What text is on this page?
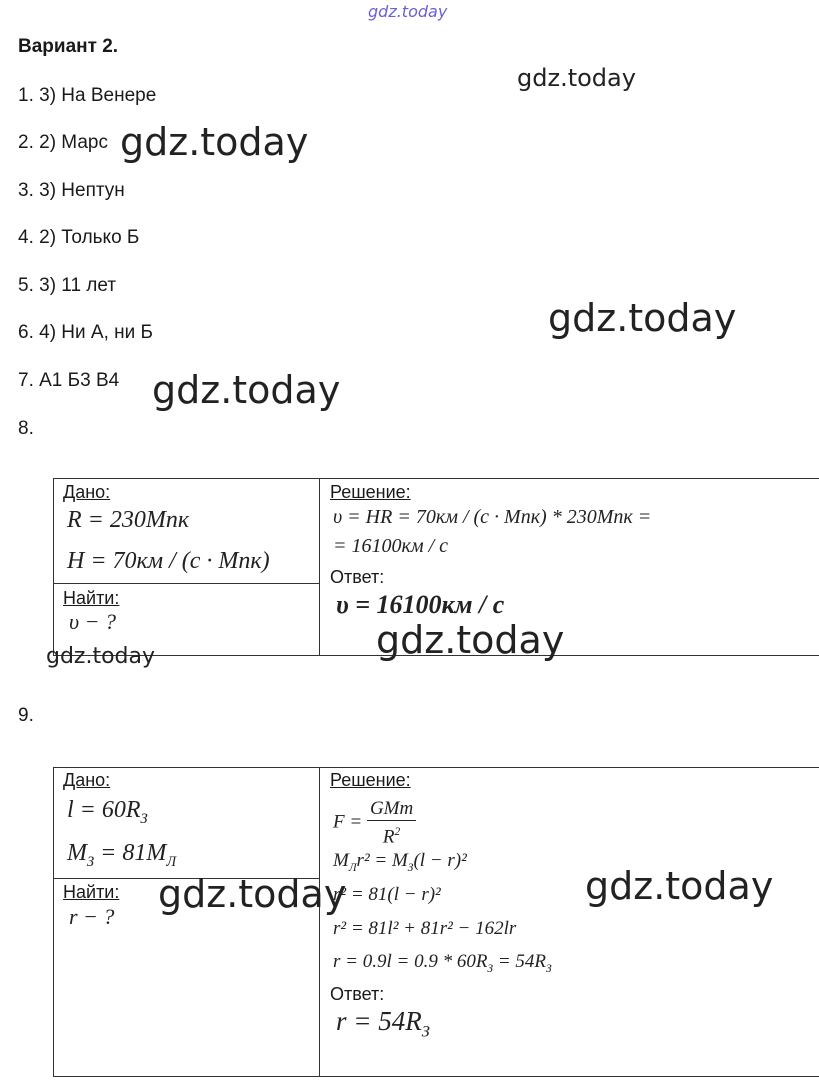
gdz.today
Вариант 2.
1. 3) На Венере
2. 2) Марс
3. 3) Нептун
4. 2) Только Б
5. 3) 11 лет
6. 4) Ни А, ни Б
7. А1 Б3 В4
8.
9.
gdz.today
gdz.today
gdz.today
gdz.today
Дано:
R = 230Mпк
H = 70км / (c · Mпк)
Найти:
υ − ?
Решение:
υ = HR = 70км / (c · Mпк) * 230Mпк =
= 16100км / c
Ответ:
υ = 16100км / c
gdz.today
gdz.today
Дано:
$l = 60R_З$
$M_З = 81M_Л$
Найти:
r − ?
Решение:
$F = \frac{\text{GMm}}{R^2}$
$M_Лr^2 = M_З(l - r)^2$
r² = 81(l − r)²
r² = 81l² + 81r² − 162lr
$r = 0.9l = 0.9 * 60R_З = 54R_З$
Ответ:
$r = 54R_З$
gdz.today	gdz.today
